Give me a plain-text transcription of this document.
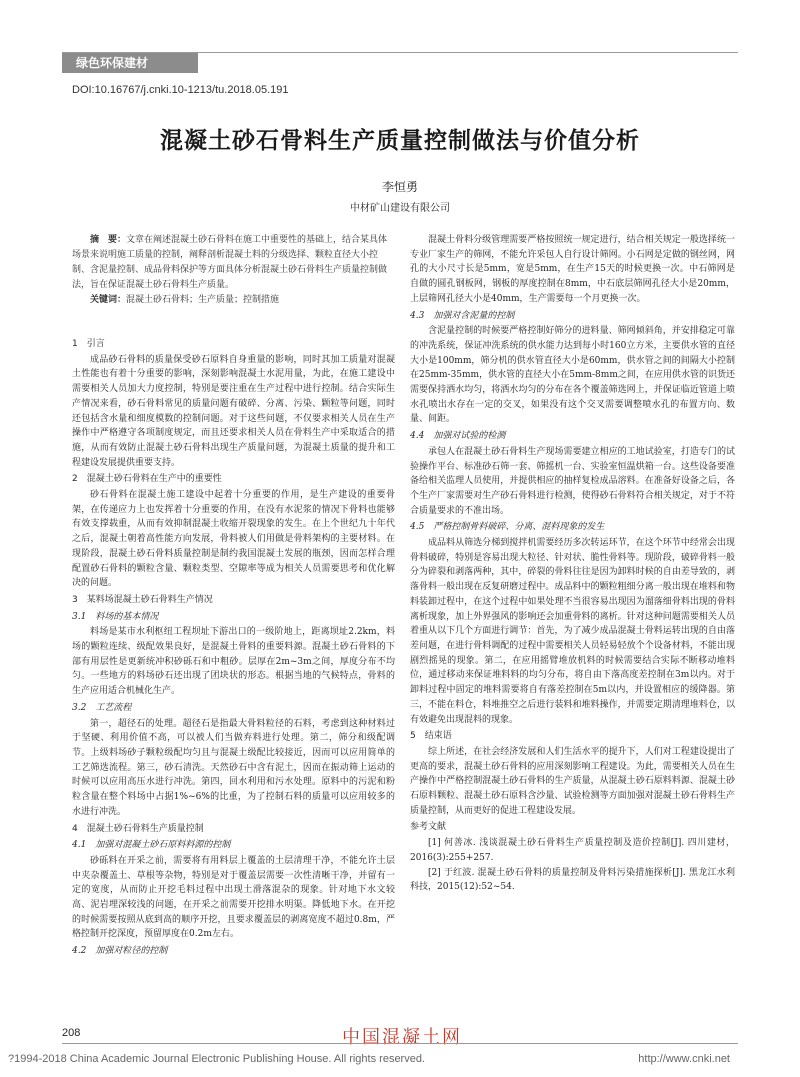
绿色环保建材
DOI:10.16767/j.cnki.10-1213/tu.2018.05.191
混凝土砂石骨料生产质量控制做法与价值分析
李恒勇
中材矿山建设有限公司
摘　要：文章在阐述混凝土砂石骨料在施工中重要性的基础上，结合某具体场景来说明施工质量的控制，阐释剖析混凝土料的分级选择、颗粒直径大小控制、含泥量控制、成品骨料保护等方面具体分析混凝土砂石骨料生产质量控制做法，旨在保证混凝土砂石骨料生产质量。
关键词：混凝土砂石骨料；生产质量；控制措施

1　引言

成品砂石骨料的质量保受砂石原料自身重量的影响，同时其加工质量对混凝土性能也有着十分重要的影响，深刻影响混凝土水泥用量，为此，在施工建设中需要相关人员加大力度控制，特别是要注重在生产过程中进行控制。结合实际生产情况来看，砂石骨料常见的质量问题有破碎、分离、污染、颗粒等问题，同时还包括含水量和细度模数的控制问题。对于这些问题，不仅要求相关人员在生产操作中严格遵守各项制度规定，而且还要求相关人员在骨料生产中采取适合的措施，从而有效防止混凝土砂石骨料出现生产质量问题，为混凝土质量的提升和工程建设发展提供重要支持。

2　混凝土砂石骨料在生产中的重要性

砂石骨料在混凝土施工建设中起着十分重要的作用，是生产建设的重要骨架，在传递应力上也发挥着十分重要的作用，在没有水泥浆的情况下骨料也能够有效支撑载重，从而有效抑制混凝土收缩开裂现象的发生。在上个世纪九十年代之后，混凝土朝着高性能方向发展，骨料被人们用做是骨料架构的主要材料。在现阶段，混凝土砂石骨料质量控制是制约我国混凝土发展的瓶颈，因而怎样合理配置砂石骨料的颗粒含量、颗粒类型、空隙率等成为相关人员需要思考和优化解决的问题。

3　某料场混凝土砂石骨料生产情况

3.1　料场的基本情况

料场是某市水利枢纽工程坝址下游出口的一级阶地上，距离坝址2.2km，料场的颗粒连续、级配效果良好，是混凝土骨料的重要料源。混凝土砂石骨料的下部有用层性是更新统冲积砂砾石和中粗砂。层厚在2m~3m之间，厚度分布不均匀。一些地方的料场砂石还出现了团块状的形态。根据当地的气候特点，骨料的生产应用适合机械化生产。

3.2　工艺流程

第一，超径石的处理。超径石是指最大骨料粒径的石料，考虑到这种材料过于坚硬、利用价值不高，可以被人们当做弃料进行处理。第二，筛分和级配调节。上级料场砂子颗粒级配均匀且与混凝土级配比较接近，因而可以应用简单的工艺筛选流程。第三，砂石清洗。天然砂石中含有泥土，因而在振动筛上运动的时候可以应用高压水进行冲洗。第四，回水利用和污水处理。原料中的污泥和粉粒含量在整个料场中占据1%~6%的比重，为了控制石料的质量可以应用较多的水进行冲洗。

4　混凝土砂石骨料生产质量控制

4.1　加强对混凝土砂石原料料源的控制

砂砾料在开采之前，需要将有用料层上覆盖的土层清理干净，不能允许土层中夹杂覆盖土、草根等杂物，特别是对于覆盖层需要一次性清晰干净，并留有一定的宽度，从而防止开挖毛料过程中出现土滑落混杂的现象。针对地下水文较高、泥岩埋深较浅的问题，在开采之前需要开挖排水明渠。降低地下水。在开挖的时候需要按照从底到高的顺序开挖，且要求覆盖层的剥离宽度不超过0.8m，严格控制开挖深度，预留厚度在0.2m左右。

4.2　加强对粒径的控制

混凝土骨料分级管理需要严格按照统一规定进行，结合相关规定一般选择统一专业厂家生产的筛网，不能允许采包人自行设计筛网。小石网是定做的钢丝网，网孔的大小尺寸长是5mm，宽是5mm，在生产15天的时候更换一次。中石筛网是自做的圆孔钢板网，钢板的厚度控制在8mm，中石底层筛网孔径大小是20mm，上层筛网孔径大小是40mm，生产需要每一个月更换一次。

4.3　加强对含泥量的控制

含泥量控制的时候要严格控制好筛分的进料量、筛网倾斜角，并安排稳定可靠的冲洗系统，保证冲洗系统的供水能力达到每小时160立方米，主要供水管的直径大小是100mm，筛分机的供水管直径大小是60mm，供水管之间的间隔大小控制在25mm-35mm，供水管的直径大小在5mm-8mm之间，在应用供水管的识货还需要保持洒水均匀，将洒水均匀的分布在各个覆盖筛选网上，并保证临近管道上喷水孔喷出水存在一定的交叉，如果没有这个交叉需要调整喷水孔的布置方向、数量、间距。

4.4　加强对试验的检测

承包人在混凝土砂石骨料生产现场需要建立相应的工地试验室，打造专门的试验操作平台、标准砂石筛一套、筛摇机一台、实验室恒温烘箱一台。这些设备要准备给相关监理人员使用，并提供相应的抽样复检成品溶料。在准备好设备之后，各个生产厂家需要对生产砂石骨料进行检测，使得砂石骨料符合相关规定，对于不符合质量要求的不准出场。

4.5　严格控制骨料破碎、分离、混料现象的发生

成品料从筛选分梯到搅拌机需要经历多次转运环节，在这个环节中经常会出现骨料破碎，特别是容易出现大粒径、针对状、脆性骨料等。现阶段，破碎骨料一般分为碎裂和剥落两种，其中，碎裂的骨料往往是因为卸料时候的自由差导致的，剥落骨料一般出现在反复研磨过程中。成品料中的颗粒粗细分离一般出现在堆料和物料装卸过程中，在这个过程中如果处理不当很容易出现因为溜落细骨料出现的骨料离析现象，加上外界强风的影响还会加重骨料的离析。针对这种问题需要相关人员着重从以下几个方面进行调节：首先，为了减少成品混凝土骨料运转出现的自由落差问题，在进行骨料调配的过程中需要相关人员轻易轻放个个设备材料，不能出现剧烈摇晃的现象。第二，在应用摇臂堆放机料的时候需要结合实际不断移动堆料位，通过移动来保证堆料料的均匀分布，将自由下落高度差控制在3m以内。对于卸料过程中固定的堆料需要将自有落差控制在5m以内，并设置相应的缓降器。第三，不能在料仓，料堆推空之后进行装料和堆料操作，并需要定期清理堆料仓，以有效避免出现混料的现象。

5　结束语

综上所述，在社会经济发展和人们生活水平的提升下，人们对工程建设提出了更高的要求，混凝土砂石骨料的应用深刻影响工程建设。为此，需要相关人员在生产操作中严格控制混凝土砂石骨料的生产质量，从混凝土砂石原料料源、混凝土砂石原料颗粒、混凝土砂石原料含沙量、试验检测等方面加强对混凝土砂石骨料生产质量控制，从而更好的促进工程建设发展。

参考文献

[1] 何善冰. 浅谈混凝土砂石骨料生产质量控制及造价控制[J]. 四川建材，2016(3):255+257.

[2] 于红波. 混凝土砂石骨料的质量控制及骨料污染措施探析[J]. 黑龙江水利科技，2015(12):52~54.

208	中国混凝土网
?1994-2018 China Academic Journal Electronic Publishing House. All rights reserved.	http://www.cnki.net
